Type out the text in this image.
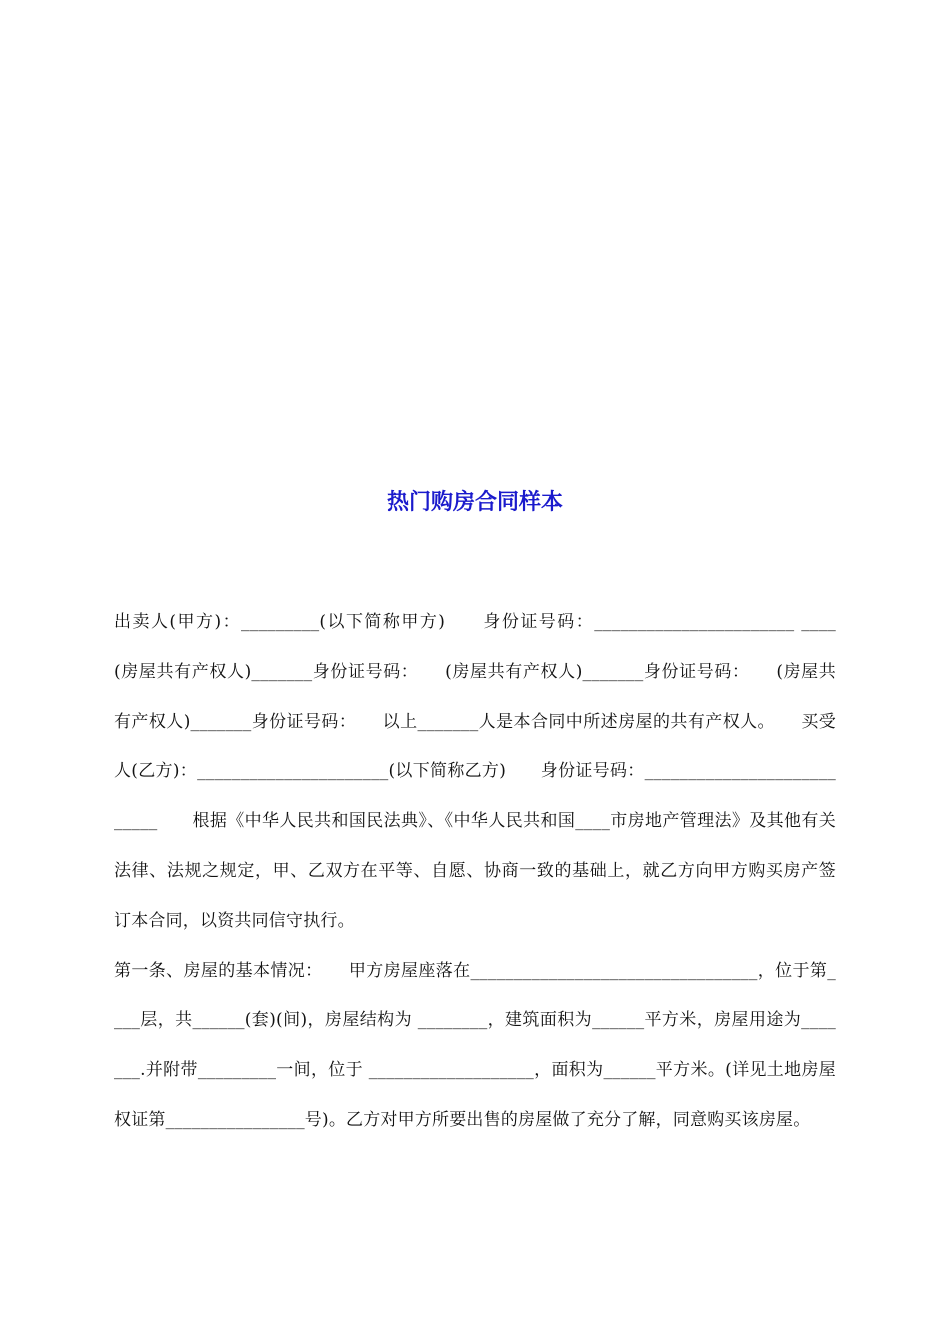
热门购房合同样本

出卖人(甲方)：_________(以下简称甲方)　　身份证号码：_______________________ ____　　(房屋共有产权人)_______身份证号码：　　(房屋共有产权人)_______身份证号码：　　(房屋共有产权人)_______身份证号码：　　以上_______人是本合同中所述房屋的共有产权人。　　买受人(乙方)：______________________(以下简称乙方)　　身份证号码：___________________________　　根据《中华人民共和国民法典》、《中华人民共和国____市房地产管理法》及其他有关法律、法规之规定，甲、乙双方在平等、自愿、协商一致的基础上，就乙方向甲方购买房产签订本合同，以资共同信守执行。

第一条、房屋的基本情况：　　甲方房屋座落在_________________________________，位于第____层，共______(套)(间)，房屋结构为 ________，建筑面积为______平方米，房屋用途为_______.并附带_________一间，位于 ___________________，面积为______平方米。(详见土地房屋权证第________________号)。乙方对甲方所要出售的房屋做了充分了解，同意购买该房屋。
